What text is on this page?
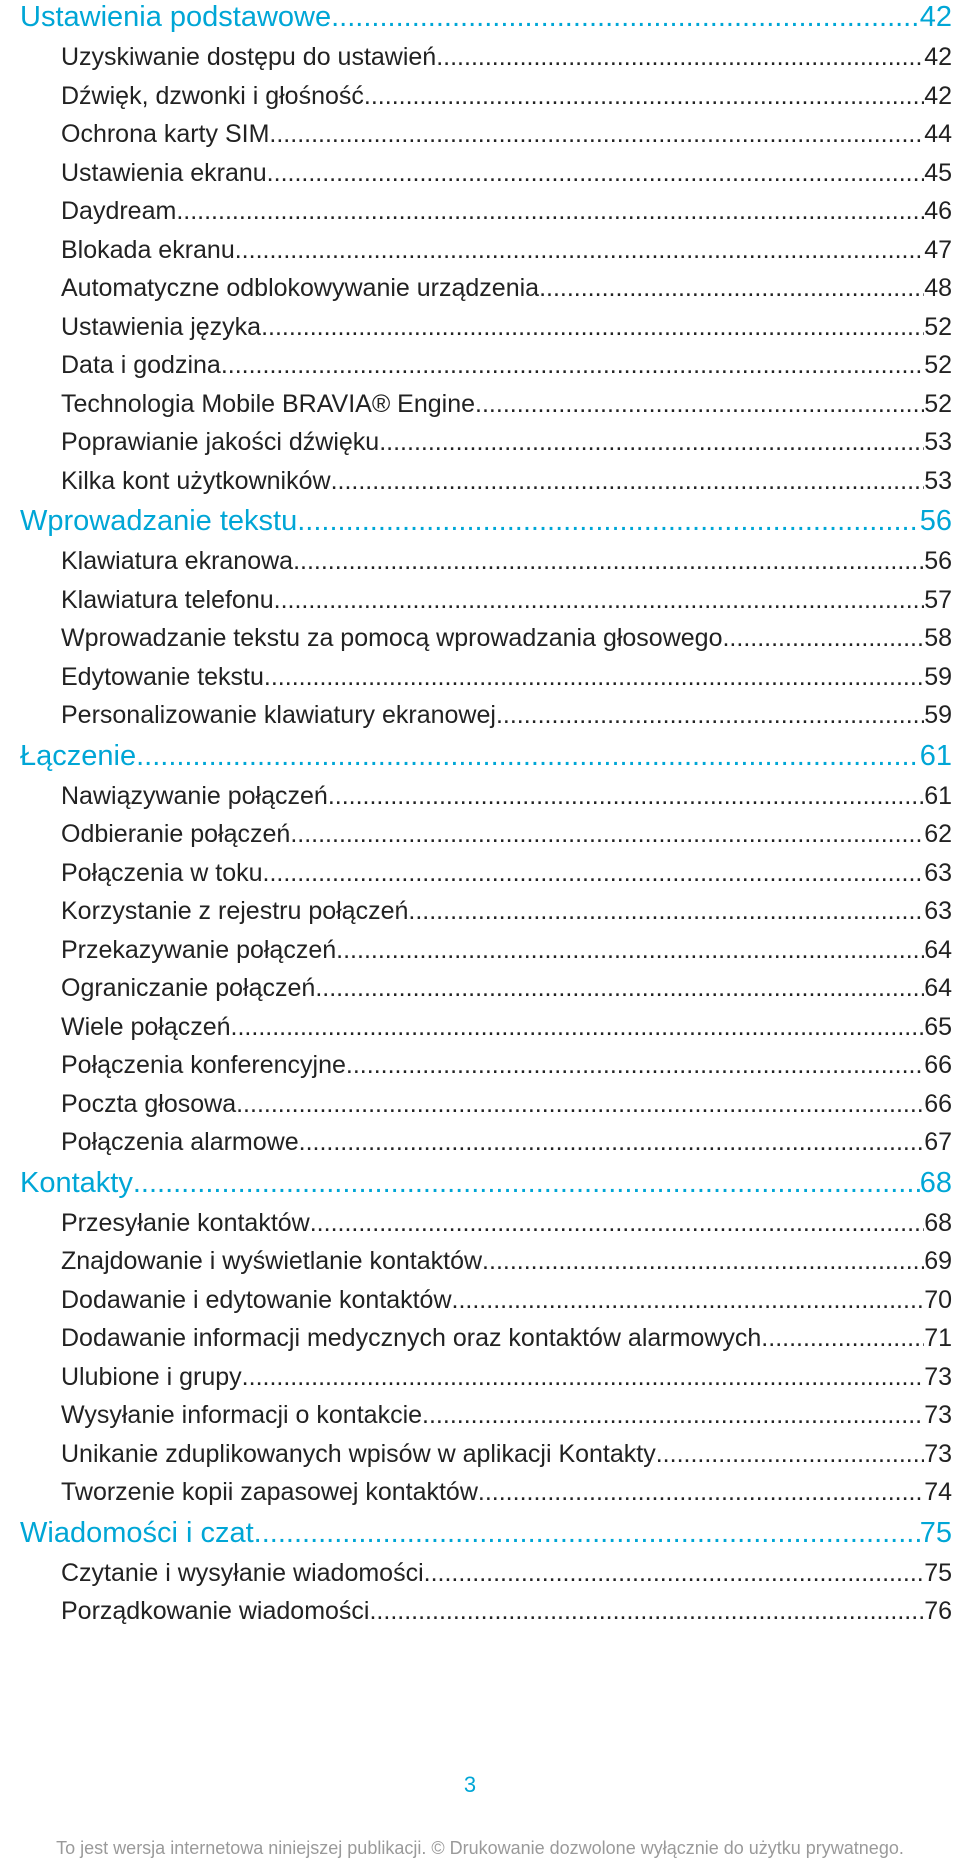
Ustawienia podstawowe .....	42
Uzyskiwanie dostępu do ustawień .....	42
Dźwięk, dzwonki i głośność .....	42
Ochrona karty SIM .....	44
Ustawienia ekranu .....	45
Daydream .....	46
Blokada ekranu .....	47
Automatyczne odblokowywanie urządzenia .....	48
Ustawienia języka .....	52
Data i godzina .....	52
Technologia Mobile BRAVIA® Engine .....	52
Poprawianie jakości dźwięku .....	53
Kilka kont użytkowników .....	53
Wprowadzanie tekstu .....	56
Klawiatura ekranowa .....	56
Klawiatura telefonu .....	57
Wprowadzanie tekstu za pomocą wprowadzania głosowego .....	58
Edytowanie tekstu .....	59
Personalizowanie klawiatury ekranowej .....	59
Łączenie .....	61
Nawiązywanie połączeń .....	61
Odbieranie połączeń .....	62
Połączenia w toku .....	63
Korzystanie z rejestru połączeń .....	63
Przekazywanie połączeń .....	64
Ograniczanie połączeń .....	64
Wiele połączeń .....	65
Połączenia konferencyjne .....	66
Poczta głosowa .....	66
Połączenia alarmowe .....	67
Kontakty .....	68
Przesyłanie kontaktów .....	68
Znajdowanie i wyświetlanie kontaktów .....	69
Dodawanie i edytowanie kontaktów .....	70
Dodawanie informacji medycznych oraz kontaktów alarmowych .....	71
Ulubione i grupy .....	73
Wysyłanie informacji o kontakcie .....	73
Unikanie zduplikowanych wpisów w aplikacji Kontakty .....	73
Tworzenie kopii zapasowej kontaktów .....	74
Wiadomości i czat .....	75
Czytanie i wysyłanie wiadomości .....	75
Porządkowanie wiadomości .....	76
3
To jest wersja internetowa niniejszej publikacji. © Drukowanie dozwolone wyłącznie do użytku prywatnego.
